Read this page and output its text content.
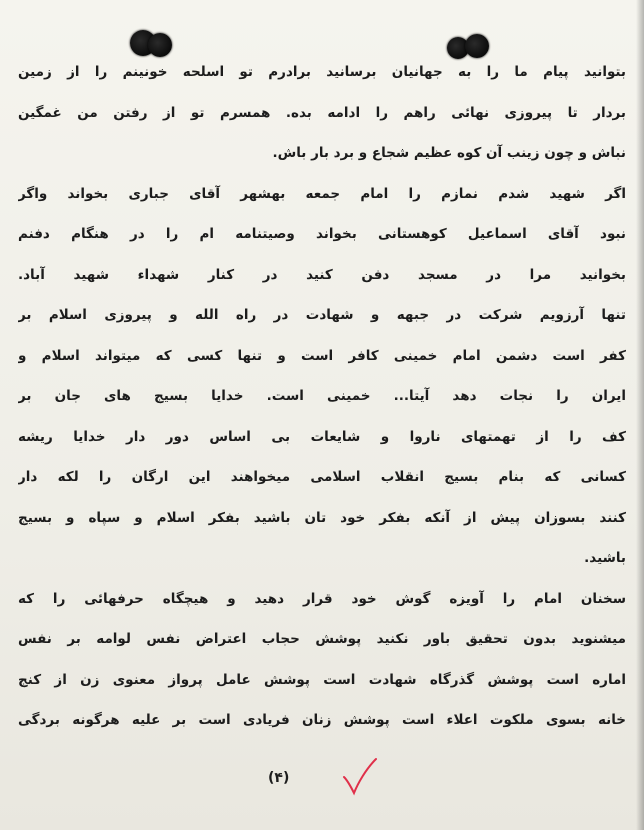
بتوانید پیام ما را به جهانیان برسانید برادرم تو اسلحه خونینم را از زمین
بردار تا پیروزی نهائی راهم را ادامه بده. همسرم تو از رفتن من غمگین
نباش و چون زینب آن کوه عظیم شجاع و برد بار باش.
اگر شهید شدم نمازم را امام جمعه بهشهر آقای جباری بخواند واگر
نبود آقای اسماعیل کوهستانی بخواند وصیتنامه ام را در هنگام دفنم
بخوانید مرا در مسجد دفن کنید در کنار شهداء شهید آباد.
تنها آرزویم شرکت در جبهه و شهادت در راه الله و پیروزی اسلام بر
کفر است دشمن امام خمینی کافر است و تنها کسی که میتواند اسلام و
ایران را نجات دهد آیتا... خمینی است. خدایا بسیج های جان بر
کف را از تهمتهای ناروا و شایعات بی اساس دور دار خدایا ریشه
کسانی که بنام بسیج انقلاب اسلامی میخواهند این ارگان را لکه دار
کنند بسوزان پیش از آنکه بفکر خود تان باشید بفکر اسلام و سپاه و بسیج
باشید.
سخنان امام را آویزه گوش خود قرار دهید و هیچگاه حرفهائی را که
میشنوید بدون تحقیق باور نکنید پوشش حجاب اعتراض نفس لوامه بر نفس
اماره است پوشش گذرگاه شهادت است پوشش عامل پرواز معنوی زن از کنج
خانه بسوی ملکوت اعلاء است پوشش زنان فریادی است بر علیه هرگونه بردگی
(۴)
